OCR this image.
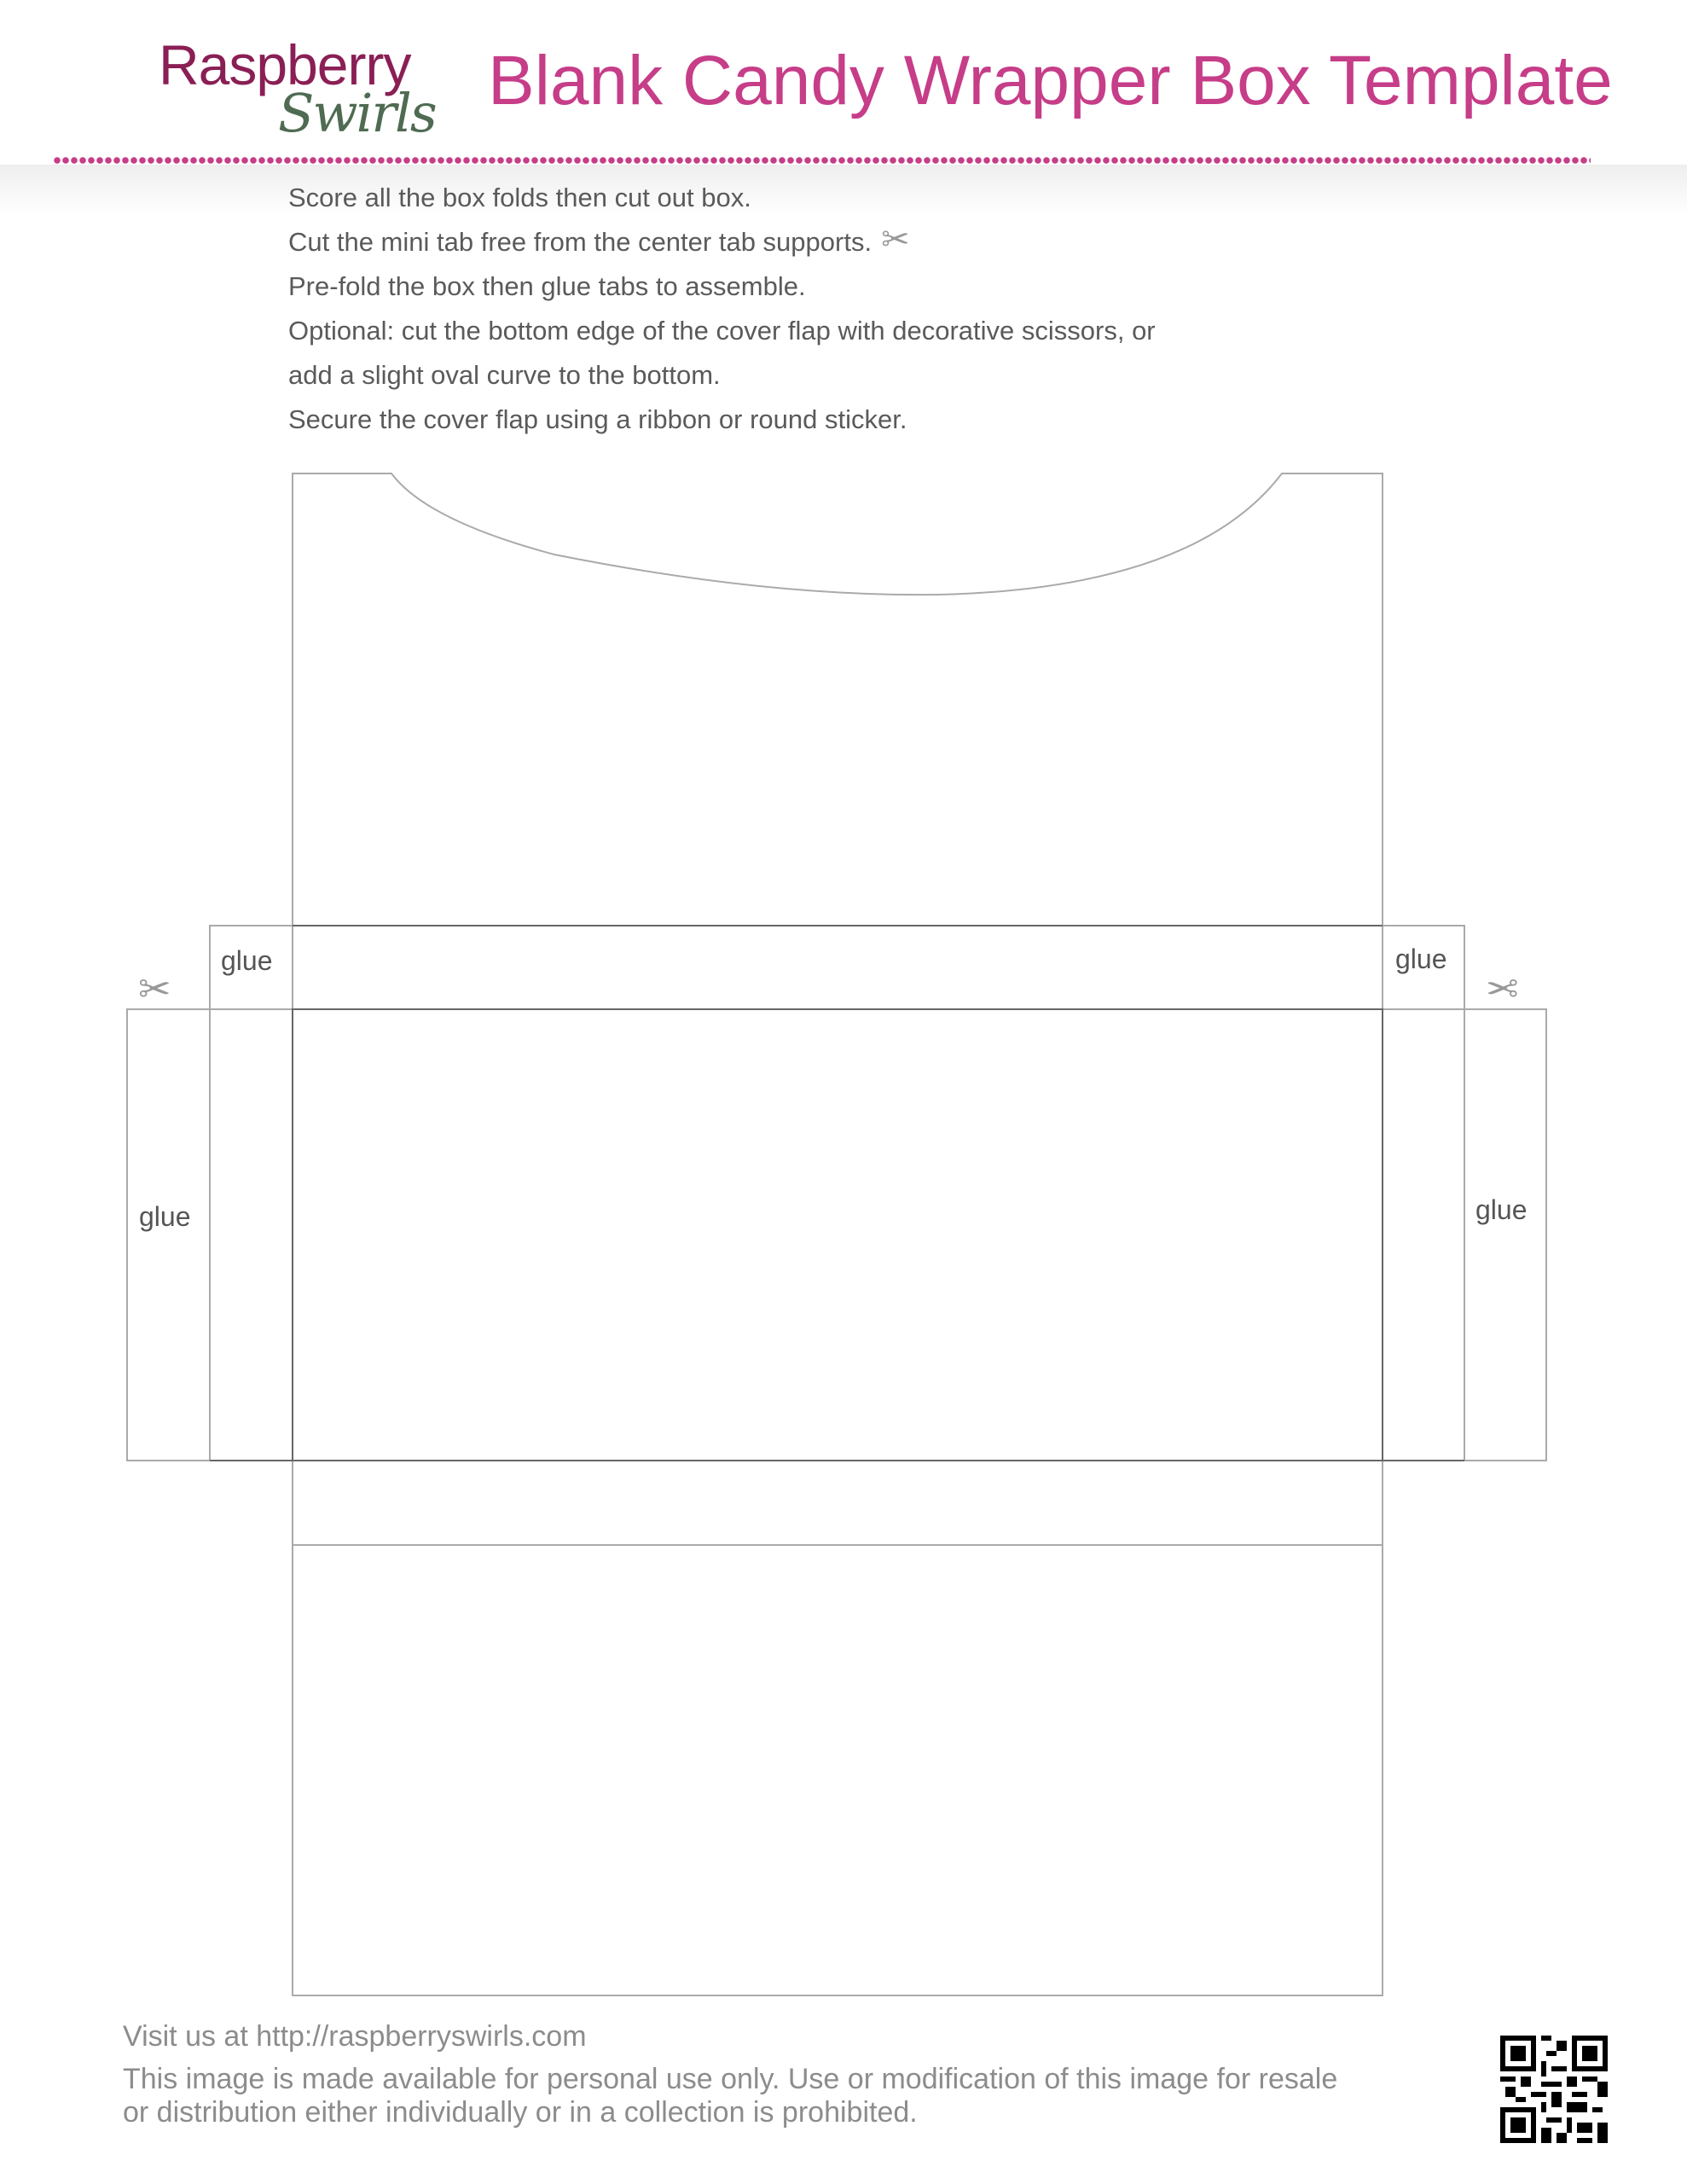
Raspberry
Swirls Blank Candy Wrapper Box Template
Score all the box folds then cut out box.
Cut the mini tab free from the center tab supports. ✂
Pre-fold the box then glue tabs to assemble.
Optional: cut the bottom edge of the cover flap with decorative scissors, or
add a slight oval curve to the bottom.
Secure the cover flap using a ribbon or round sticker.
glue	glue
glue	glue
✂	✂
Visit us at http://raspberryswirls.com
This image is made available for personal use only. Use or modification of this image for resale
or distribution either individually or in a collection is prohibited.
